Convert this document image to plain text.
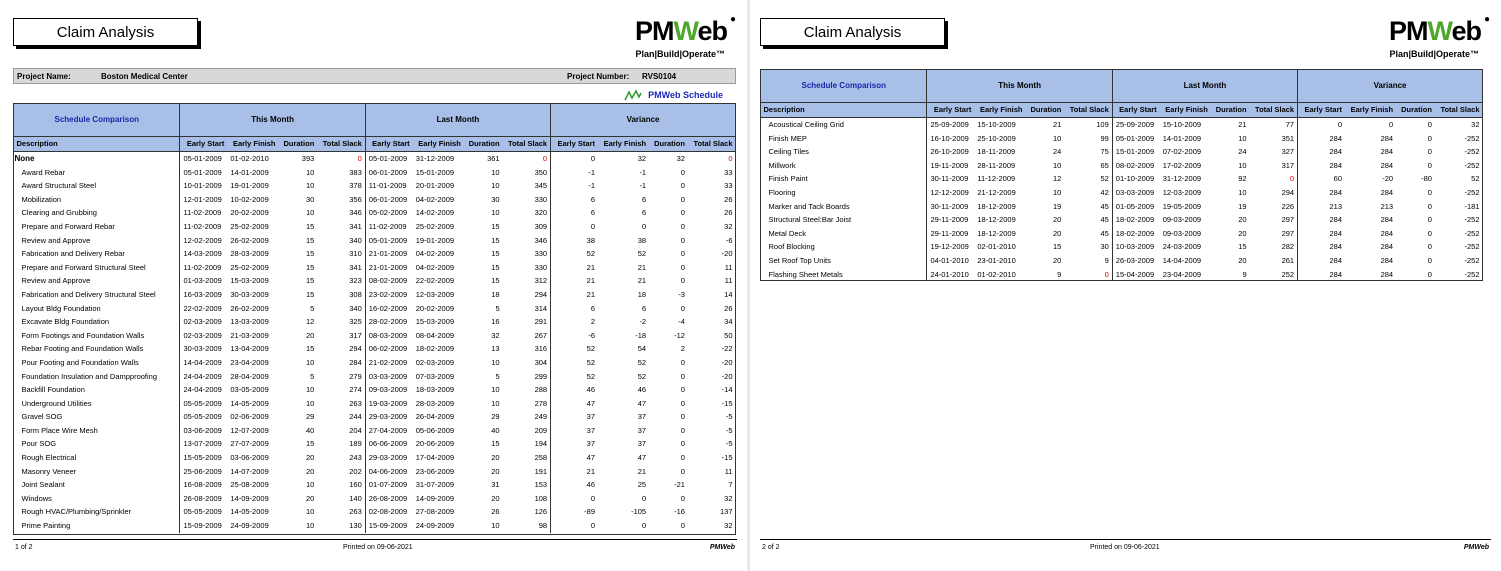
Claim Analysis	PMWeb ●
Plan|Build|Operate™
Project Name:	Boston Medical Center	Project Number: RVS0104
PMWeb Schedule
Schedule Comparison	This Month				Last Month				Variance			
Description	Early Start	Early Finish	Duration	Total Slack	Early Start	Early Finish	Duration	Total Slack	Early Start	Early Finish	Duration	Total Slack
None	05-01-2009	01-02-2010	393	0	05-01-2009	31-12-2009	361	0	0	32	32	0
Award Rebar	05-01-2009	14-01-2009	10	383	06-01-2009	15-01-2009	10	350	-1	-1	0	33
Award Structural Steel	10-01-2009	19-01-2009	10	378	11-01-2009	20-01-2009	10	345	-1	-1	0	33
Mobilization	12-01-2009	10-02-2009	30	356	06-01-2009	04-02-2009	30	330	6	6	0	26
Clearing and Grubbing	11-02-2009	20-02-2009	10	346	05-02-2009	14-02-2009	10	320	6	6	0	26
Prepare and Forward Rebar	11-02-2009	25-02-2009	15	341	11-02-2009	25-02-2009	15	309	0	0	0	32
Review and Approve	12-02-2009	26-02-2009	15	340	05-01-2009	19-01-2009	15	346	38	38	0	-6
Fabrication and Delivery Rebar	14-03-2009	28-03-2009	15	310	21-01-2009	04-02-2009	15	330	52	52	0	-20
Prepare and Forward Structural Steel	11-02-2009	25-02-2009	15	341	21-01-2009	04-02-2009	15	330	21	21	0	11
Review and Approve	01-03-2009	15-03-2009	15	323	08-02-2009	22-02-2009	15	312	21	21	0	11
Fabrication and Delivery Structural Steel	16-03-2009	30-03-2009	15	308	23-02-2009	12-03-2009	18	294	21	18	-3	14
Layout Bldg Foundation	22-02-2009	26-02-2009	5	340	16-02-2009	20-02-2009	5	314	6	6	0	26
Excavate Bldg Foundation	02-03-2009	13-03-2009	12	325	28-02-2009	15-03-2009	16	291	2	-2	-4	34
Form Footings and Foundation Walls	02-03-2009	21-03-2009	20	317	08-03-2009	08-04-2009	32	267	-6	-18	-12	50
Rebar Footing and Foundation Walls	30-03-2009	13-04-2009	15	294	06-02-2009	18-02-2009	13	316	52	54	2	-22
Pour Footing and Foundation Walls	14-04-2009	23-04-2009	10	284	21-02-2009	02-03-2009	10	304	52	52	0	-20
Foundation Insulation and Dampproofing	24-04-2009	28-04-2009	5	279	03-03-2009	07-03-2009	5	299	52	52	0	-20
Backfill Foundation	24-04-2009	03-05-2009	10	274	09-03-2009	18-03-2009	10	288	46	46	0	-14
Underground Utilities	05-05-2009	14-05-2009	10	263	19-03-2009	28-03-2009	10	278	47	47	0	-15
Gravel SOG	05-05-2009	02-06-2009	29	244	29-03-2009	26-04-2009	29	249	37	37	0	-5
Form Place Wire Mesh	03-06-2009	12-07-2009	40	204	27-04-2009	05-06-2009	40	209	37	37	0	-5
Pour SOG	13-07-2009	27-07-2009	15	189	06-06-2009	20-06-2009	15	194	37	37	0	-5
Rough Electrical	15-05-2009	03-06-2009	20	243	29-03-2009	17-04-2009	20	258	47	47	0	-15
Masonry Veneer	25-06-2009	14-07-2009	20	202	04-06-2009	23-06-2009	20	191	21	21	0	11
Joint Sealant	16-08-2009	25-08-2009	10	160	01-07-2009	31-07-2009	31	153	46	25	-21	7
Windows	26-08-2009	14-09-2009	20	140	26-08-2009	14-09-2009	20	108	0	0	0	32
Rough HVAC/Plumbing/Sprinkler	05-05-2009	14-05-2009	10	263	02-08-2009	27-08-2009	26	126	-89	-105	-16	137
Prime Painting	15-09-2009	24-09-2009	10	130	15-09-2009	24-09-2009	10	98	0	0	0	32
1 of 2	Printed on 09-06-2021	PMWeb
Claim Analysis	PMWeb ●
Plan|Build|Operate™
Schedule Comparison	This Month				Last Month				Variance			
Description	Early Start	Early Finish	Duration	Total Slack	Early Start	Early Finish	Duration	Total Slack	Early Start	Early Finish	Duration	Total Slack
Acoustical Ceiling Grid	25-09-2009	15-10-2009	21	109	25-09-2009	15-10-2009	21	77	0	0	0	32
Finish MEP	16-10-2009	25-10-2009	10	99	05-01-2009	14-01-2009	10	351	284	284	0	-252
Ceiling Tiles	26-10-2009	18-11-2009	24	75	15-01-2009	07-02-2009	24	327	284	284	0	-252
Millwork	19-11-2009	28-11-2009	10	65	08-02-2009	17-02-2009	10	317	284	284	0	-252
Finish Paint	30-11-2009	11-12-2009	12	52	01-10-2009	31-12-2009	92	0	60	-20	-80	52
Flooring	12-12-2009	21-12-2009	10	42	03-03-2009	12-03-2009	10	294	284	284	0	-252
Marker and Tack Boards	30-11-2009	18-12-2009	19	45	01-05-2009	19-05-2009	19	226	213	213	0	-181
Structural Steel:Bar Joist	29-11-2009	18-12-2009	20	45	18-02-2009	09-03-2009	20	297	284	284	0	-252
Metal Deck	29-11-2009	18-12-2009	20	45	18-02-2009	09-03-2009	20	297	284	284	0	-252
Roof Blocking	19-12-2009	02-01-2010	15	30	10-03-2009	24-03-2009	15	282	284	284	0	-252
Set Roof Top Units	04-01-2010	23-01-2010	20	9	26-03-2009	14-04-2009	20	261	284	284	0	-252
Flashing Sheet Metals	24-01-2010	01-02-2010	9	0	15-04-2009	23-04-2009	9	252	284	284	0	-252
2 of 2	Printed on 09-06-2021	PMWeb
